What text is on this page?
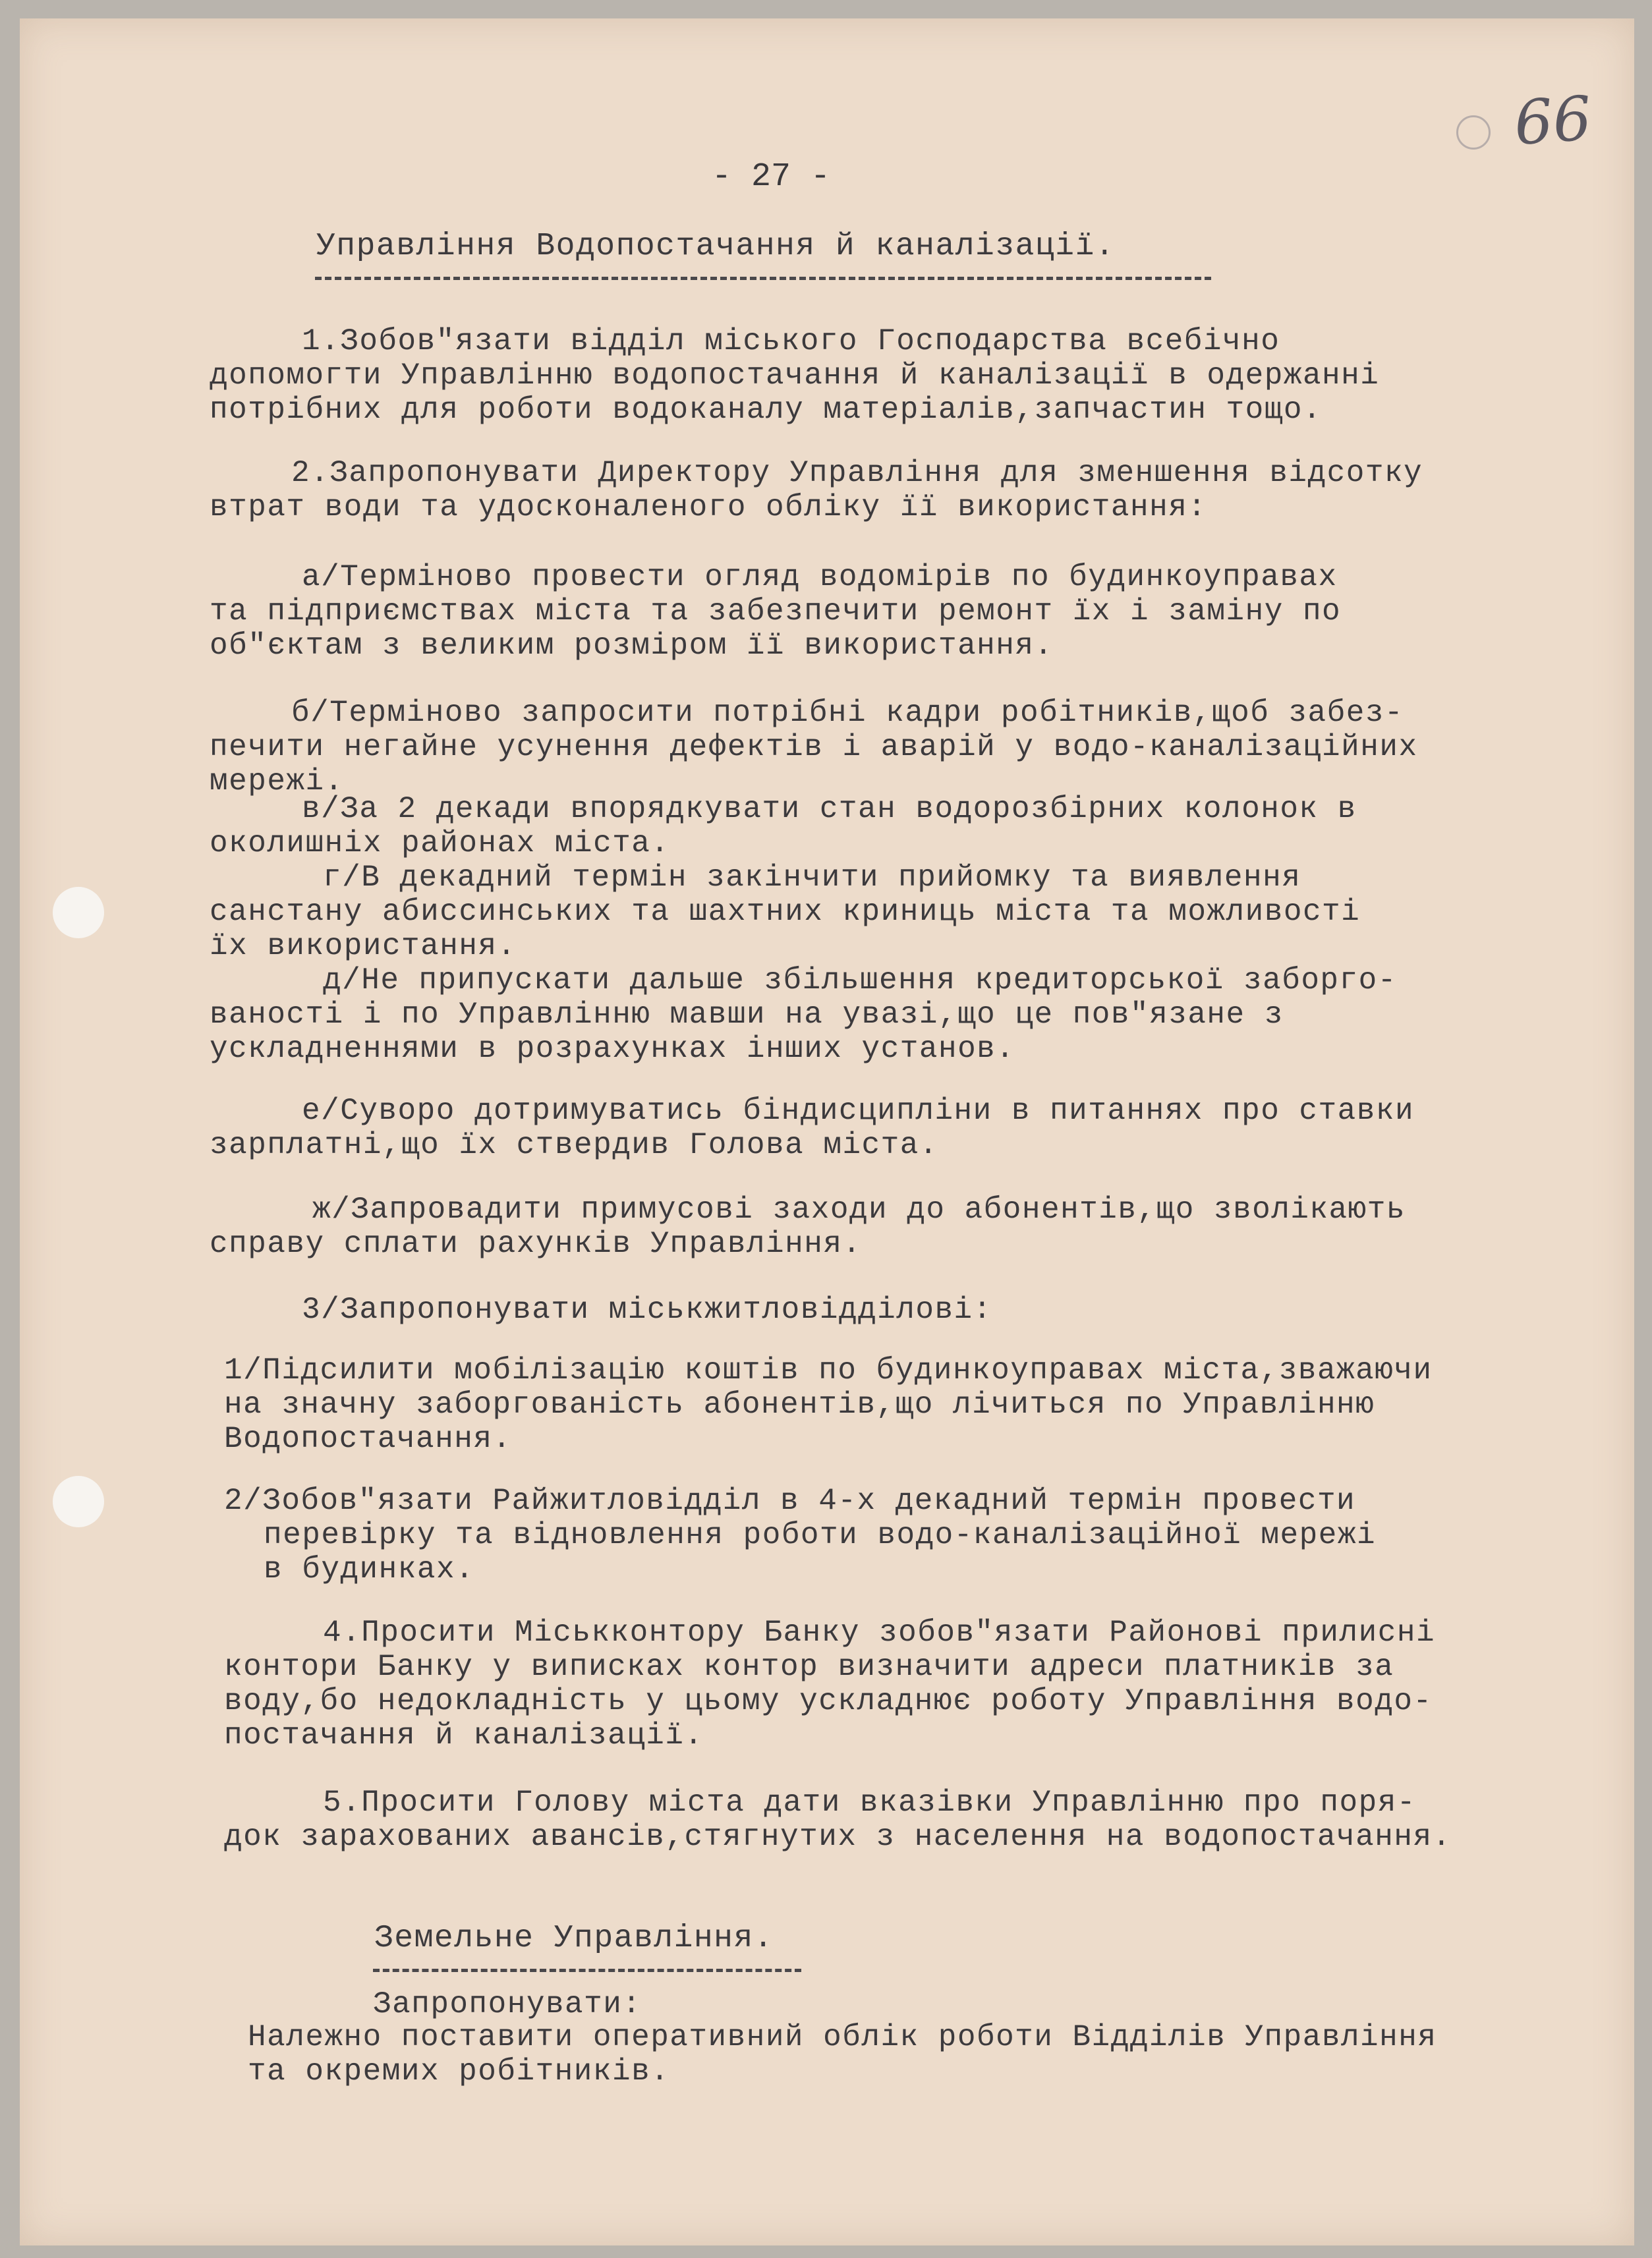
66
- 27 -
Управління Водопостачання й каналізації.
1.Зобов"язати відділ міського Господарства всебічно
допомогти Управлінню водопостачання й каналізації в одержанні
потрібних для роботи водоканалу матеріалів,запчастин тощо.
2.Запропонувати Директору Управління для зменшення відсотку
втрат води та удосконаленого обліку її використання:
а/Терміново провести огляд водомірів по будинкоуправах
та підприємствах міста та забезпечити ремонт їх і заміну по
об"єктам з великим розміром її використання.
б/Терміново запросити потрібні кадри робітників,щоб забез-
печити негайне усунення дефектів і аварій у водо-каналізаційних
мережі.
в/За 2 декади впорядкувати стан водорозбірних колонок в
околишніх районах міста.
г/В декадний термін закінчити прийомку та виявлення
санстану абиссинських та шахтних криниць міста та можливості
їх використання.
д/Не припускати дальше збільшення кредиторської заборго-
ваності і по Управлінню мавши на увазі,що це пов"язане з
ускладненнями в розрахунках інших установ.
е/Суворо дотримуватись біндисципліни в питаннях про ставки
зарплатні,що їх ствердив Голова міста.
ж/Запровадити примусові заходи до абонентів,що зволікають
справу сплати рахунків Управління.
3/Запропонувати міськжитловідділові:
1/Підсилити мобілізацію коштів по будинкоуправах міста,зважаючи
на значну заборгованість абонентів,що лічиться по Управлінню
Водопостачання.
2/Зобов"язати Райжитловідділ в 4-х декадний термін провести
перевірку та відновлення роботи водо-каналізаційної мережі
в будинках.
4.Просити Міськконтору Банку зобов"язати Районові прилисні
контори Банку у виписках контор визначити адреси платників за
воду,бо недокладність у цьому ускладнює роботу Управління водо-
постачання й каналізації.
5.Просити Голову міста дати вказівки Управлінню про поря-
док зарахованих авансів,стягнутих з населення на водопостачання.
Земельне Управління.
Запропонувати:
Належно поставити оперативний облік роботи Відділів Управління
та окремих робітників.
